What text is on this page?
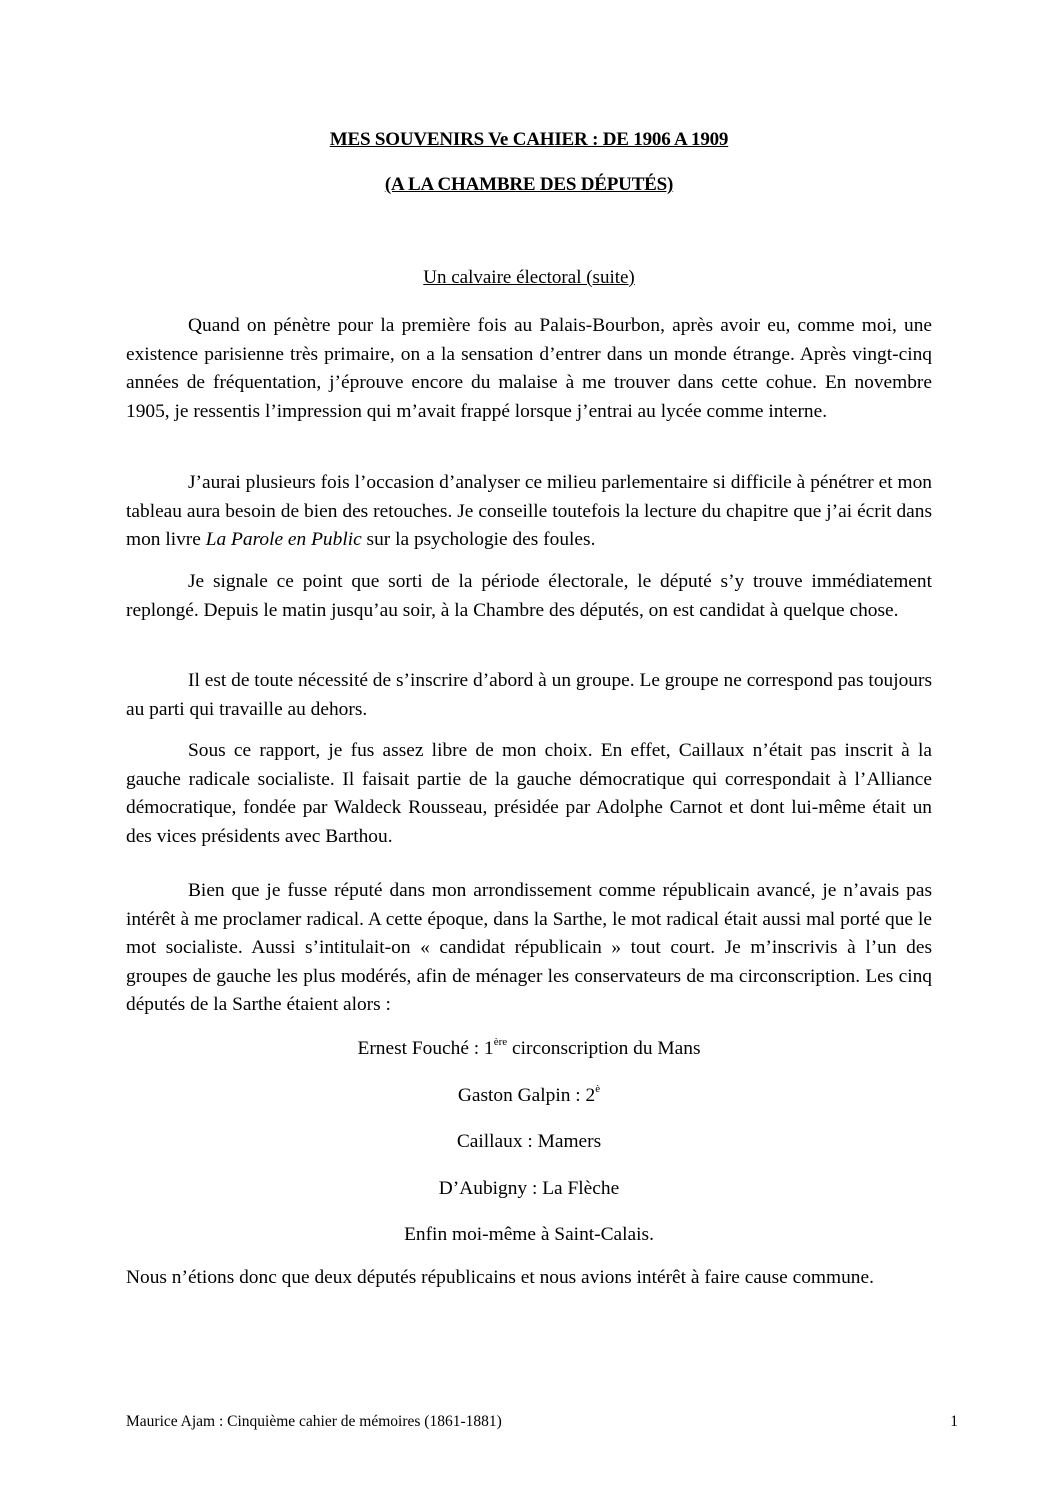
MES SOUVENIRS Ve CAHIER : DE 1906 A 1909
(A LA CHAMBRE DES DÉPUTÉS)
Un calvaire électoral (suite)

Quand on pénètre pour la première fois au Palais-Bourbon, après avoir eu, comme moi, une existence parisienne très primaire, on a la sensation d’entrer dans un monde étrange. Après vingt-cinq années de fréquentation, j’éprouve encore du malaise à me trouver dans cette cohue. En novembre 1905, je ressentis l’impression qui m’avait frappé lorsque j’entrai au lycée comme interne.

J’aurai plusieurs fois l’occasion d’analyser ce milieu parlementaire si difficile à pénétrer et mon tableau aura besoin de bien des retouches. Je conseille toutefois la lecture du chapitre que j’ai écrit dans mon livre La Parole en Public sur la psychologie des foules.

Je signale ce point que sorti de la période électorale, le député s’y trouve immédiatement replongé. Depuis le matin jusqu’au soir, à la Chambre des députés, on est candidat à quelque chose.

Il est de toute nécessité de s’inscrire d’abord à un groupe. Le groupe ne correspond pas toujours au parti qui travaille au dehors.

Sous ce rapport, je fus assez libre de mon choix. En effet, Caillaux n’était pas inscrit à la gauche radicale socialiste. Il faisait partie de la gauche démocratique qui correspondait à l’Alliance démocratique, fondée par Waldeck Rousseau, présidée par Adolphe Carnot et dont lui-même était un des vices présidents avec Barthou.

Bien que je fusse réputé dans mon arrondissement comme républicain avancé, je n’avais pas intérêt à me proclamer radical. A cette époque, dans la Sarthe, le mot radical était aussi mal porté que le mot socialiste. Aussi s’intitulait-on « candidat républicain » tout court. Je m’inscrivis à l’un des groupes de gauche les plus modérés, afin de ménager les conservateurs de ma circonscription. Les cinq députés de la Sarthe étaient alors :

Ernest Fouché : 1ère circonscription du Mans
Gaston Galpin : $2^è$
Caillaux : Mamers
D’Aubigny : La Flèche
Enfin moi-même à Saint-Calais.

Nous n’étions donc que deux députés républicains et nous avions intérêt à faire cause commune.

Maurice Ajam : Cinquième cahier de mémoires (1861-1881)	1
